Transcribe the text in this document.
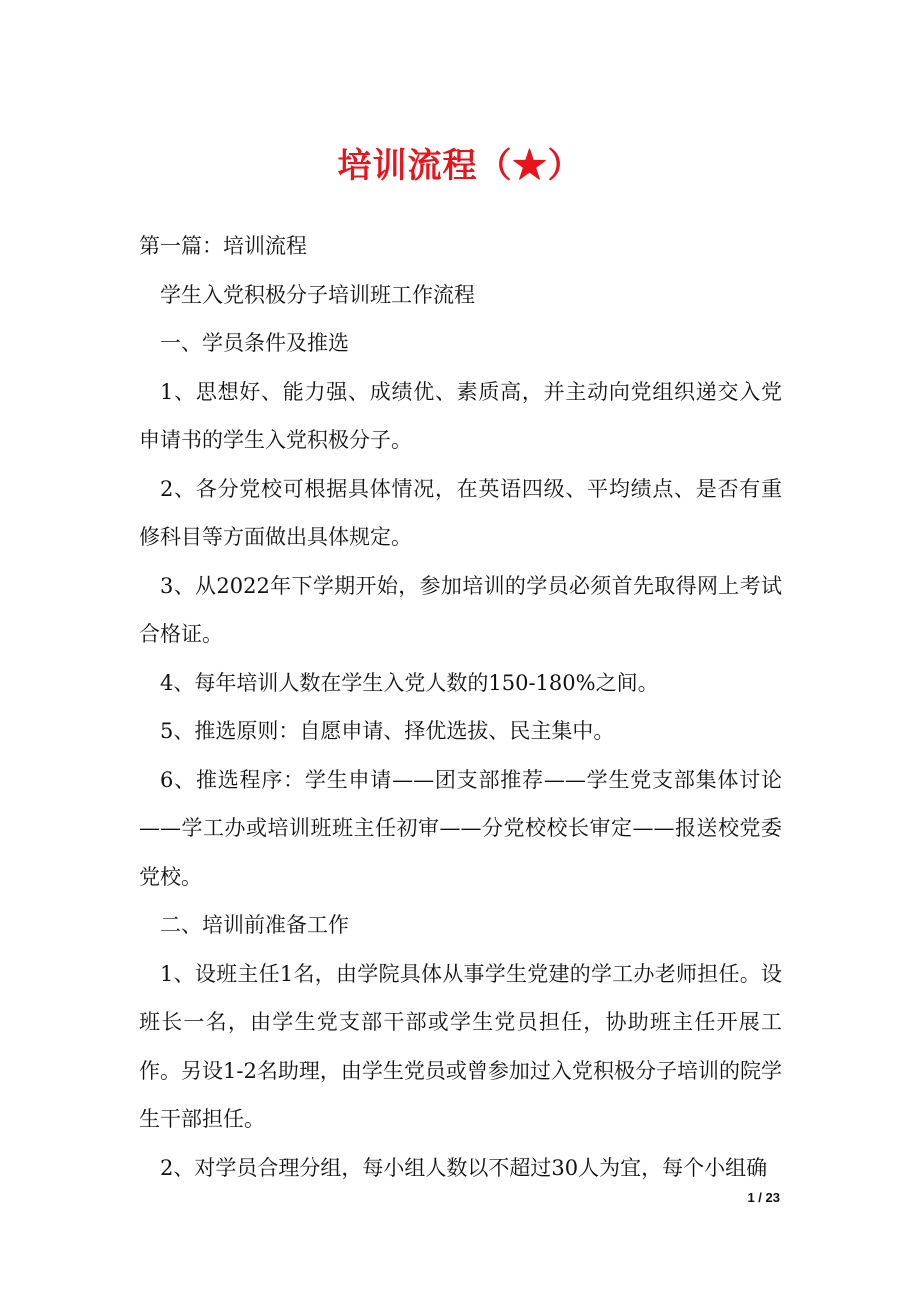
培训流程（★）

第一篇：培训流程

学生入党积极分子培训班工作流程

一、学员条件及推选

1、思想好、能力强、成绩优、素质高，并主动向党组织递交入党申请书的学生入党积极分子。

2、各分党校可根据具体情况，在英语四级、平均绩点、是否有重修科目等方面做出具体规定。

3、从2022年下学期开始，参加培训的学员必须首先取得网上考试合格证。

4、每年培训人数在学生入党人数的150-180%之间。

5、推选原则：自愿申请、择优选拔、民主集中。

6、推选程序：学生申请——团支部推荐——学生党支部集体讨论——学工办或培训班班主任初审——分党校校长审定——报送校党委党校。

二、培训前准备工作

1、设班主任1名，由学院具体从事学生党建的学工办老师担任。设班长一名，由学生党支部干部或学生党员担任，协助班主任开展工作。另设1-2名助理，由学生党员或曾参加过入党积极分子培训的院学生干部担任。

2、对学员合理分组，每小组人数以不超过30人为宜，每个小组确

1 / 23
